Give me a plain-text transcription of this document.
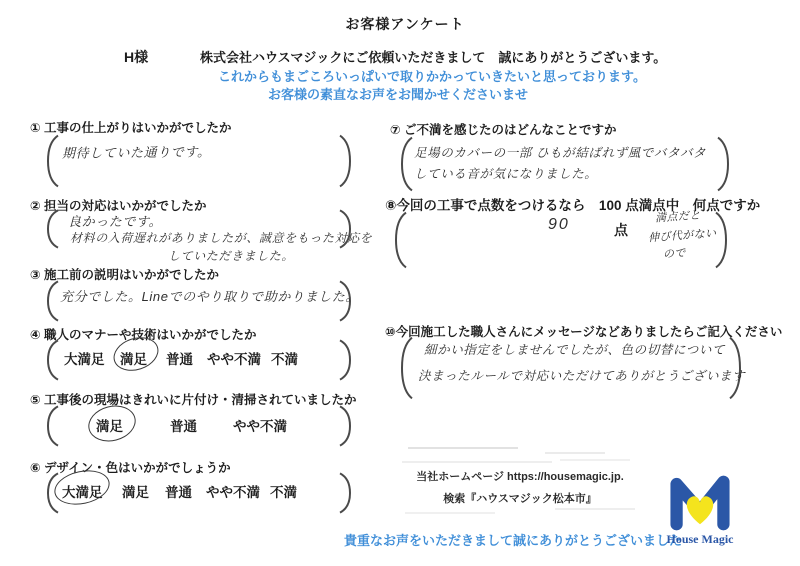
お客様アンケート
H様	株式会社ハウスマジックにご依頼いただきまして　誠にありがとうございます。
これからもまごころいっぱいで取りかかっていきたいと思っております。
お客様の素直なお声をお聞かせくださいませ
① 工事の仕上がりはいかがでしたか
期待していた通りです。
② 担当の対応はいかがでしたか
良かったです。
材料の入荷遅れがありましたが、誠意をもった対応を
していただきました。
③ 施工前の説明はいかがでしたか
充分でした。Lineでのやり取りで助かりました。
④ 職人のマナーや技術はいかがでしたか
大満足 満足 普通 やや不満 不満
⑤ 工事後の現場はきれいに片付け・清掃されていましたか
満足	普通	やや不満
⑥ デザイン・色はいかがでしょうか
大満足 満足 普通 やや不満 不満
⑦ ご不満を感じたのはどんなことですか
足場のカバーの一部 ひもが結ばれず風でバタバタ
している音が気になりました。
⑧今回の工事で点数をつけるなら　100 点満点中　何点ですか
90	点
満点だと
伸び代がない
ので
⑩今回施工した職人さんにメッセージなどありましたらご記入ください
細かい指定をしませんでしたが、色の切替について
決まったルールで対応いただけてありがとうございます
当社ホームページ https://housemagic.jp.
検索『ハウスマジック松本市』
貴重なお声をいただきまして誠にありがとうございました
House Magic
